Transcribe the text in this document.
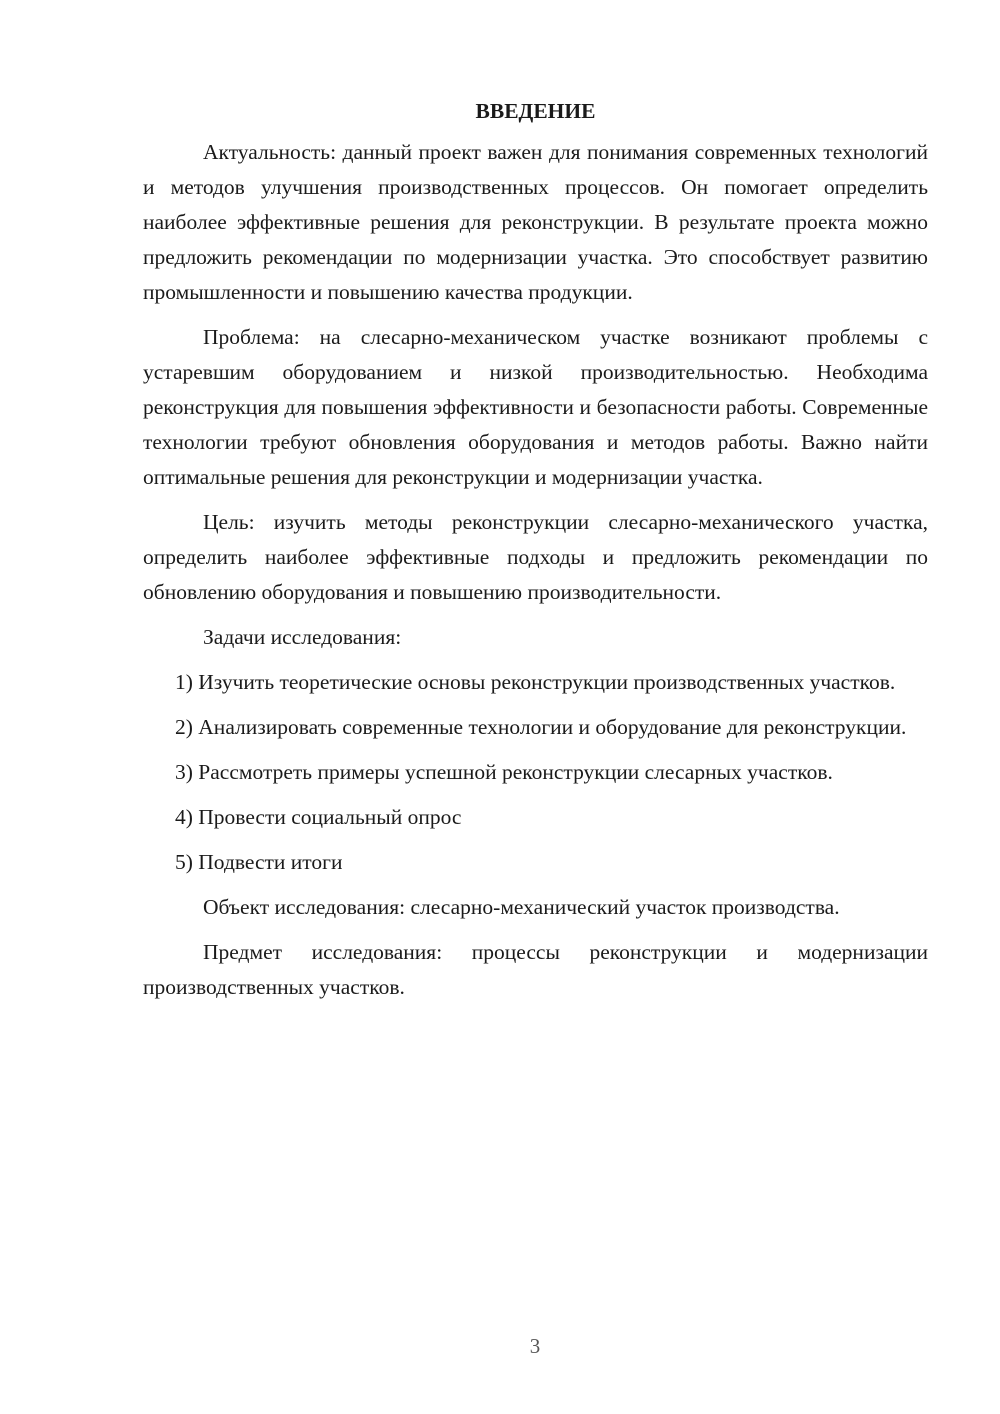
ВВЕДЕНИЕ

Актуальность: данный проект важен для понимания современных технологий и методов улучшения производственных процессов. Он помогает определить наиболее эффективные решения для реконструкции. В результате проекта можно предложить рекомендации по модернизации участка. Это способствует развитию промышленности и повышению качества продукции.

Проблема: на слесарно-механическом участке возникают проблемы с устаревшим оборудованием и низкой производительностью. Необходима реконструкция для повышения эффективности и безопасности работы. Современные технологии требуют обновления оборудования и методов работы. Важно найти оптимальные решения для реконструкции и модернизации участка.

Цель: изучить методы реконструкции слесарно-механического участка, определить наиболее эффективные подходы и предложить рекомендации по обновлению оборудования и повышению производительности.

Задачи исследования:

1) Изучить теоретические основы реконструкции производственных участков.

2) Анализировать современные технологии и оборудование для реконструкции.

3) Рассмотреть примеры успешной реконструкции слесарных участков.

4) Провести социальный опрос

5) Подвести итоги

Объект исследования: слесарно-механический участок производства.

Предмет исследования: процессы реконструкции и модернизации производственных участков.

3
